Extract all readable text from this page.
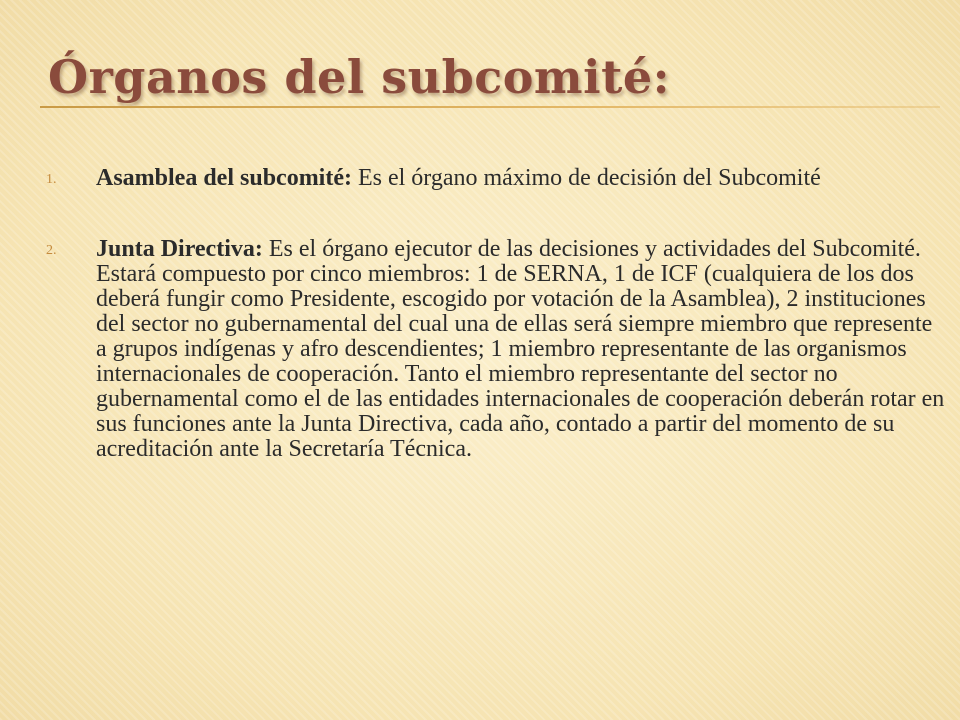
Órganos del subcomité:
1. Asamblea del subcomité: Es el órgano máximo de decisión del Subcomité

2. Junta Directiva: Es el órgano ejecutor de las decisiones y actividades del Subcomité. Estará compuesto por cinco miembros: 1 de SERNA, 1 de ICF (cualquiera de los dos deberá fungir como Presidente, escogido por votación de la Asamblea), 2 instituciones del sector no gubernamental del cual una de ellas será siempre miembro que represente a grupos indígenas y afro descendientes; 1 miembro representante de las organismos internacionales de cooperación. Tanto el miembro representante del sector no gubernamental como el de las entidades internacionales de cooperación deberán rotar en sus funciones ante la Junta Directiva, cada año, contado a partir del momento de su acreditación ante la Secretaría Técnica.
